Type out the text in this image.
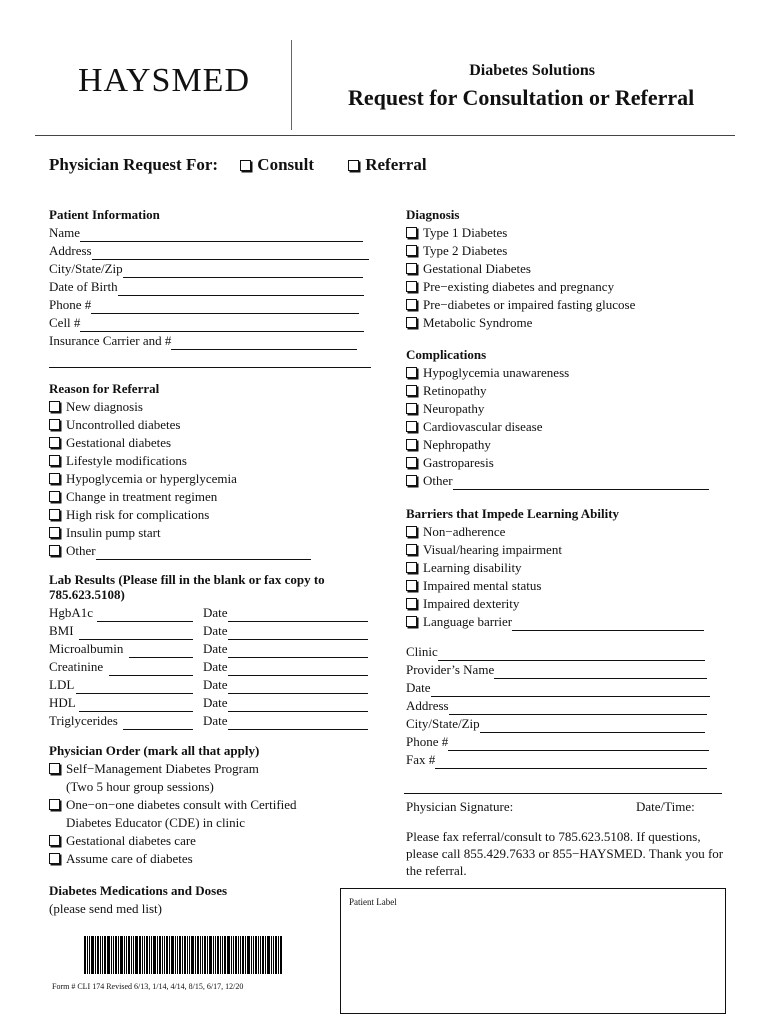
HAYSMED	Diabetes Solutions
Request for Consultation or Referral
Physician Request For: Consult	Referral
Patient Information
Name
Address
City/State/Zip
Date of Birth
Phone #
Cell #
Insurance Carrier and #
Reason for Referral
New diagnosis
Uncontrolled diabetes
Gestational diabetes
Lifestyle modifications
Hypoglycemia or hyperglycemia
Change in treatment regimen
High risk for complications
Insulin pump start
Other
Lab Results (Please fill in the blank or fax copy to 785.623.5108)
HgbA1c	Date
BMI	Date
Microalbumin	Date
Creatinine	Date
LDL	Date
HDL	Date
Triglycerides	Date
Physician Order (mark all that apply)
Self−Management Diabetes Program
(Two 5 hour group sessions)
One−on−one diabetes consult with Certified
Diabetes Educator (CDE) in clinic
Gestational diabetes care
Assume care of diabetes
Diabetes Medications and Doses
(please send med list)
Diagnosis
Type 1 Diabetes
Type 2 Diabetes
Gestational Diabetes
Pre−existing diabetes and pregnancy
Pre−diabetes or impaired fasting glucose
Metabolic Syndrome
Complications
Hypoglycemia unawareness
Retinopathy
Neuropathy
Cardiovascular disease
Nephropathy
Gastroparesis
Other
Barriers that Impede Learning Ability
Non−adherence
Visual/hearing impairment
Learning disability
Impaired mental status
Impaired dexterity
Language barrier
Clinic
Provider’s Name
Date
Address
City/State/Zip
Phone #
Fax #
Physician Signature:	Date/Time:
Please fax referral/consult to 785.623.5108. If questions, please call 855.429.7633 or 855−HAYSMED. Thank you for the referral.
Patient Label
Form # CLI 174 Revised 6/13, 1/14, 4/14, 8/15, 6/17, 12/20
